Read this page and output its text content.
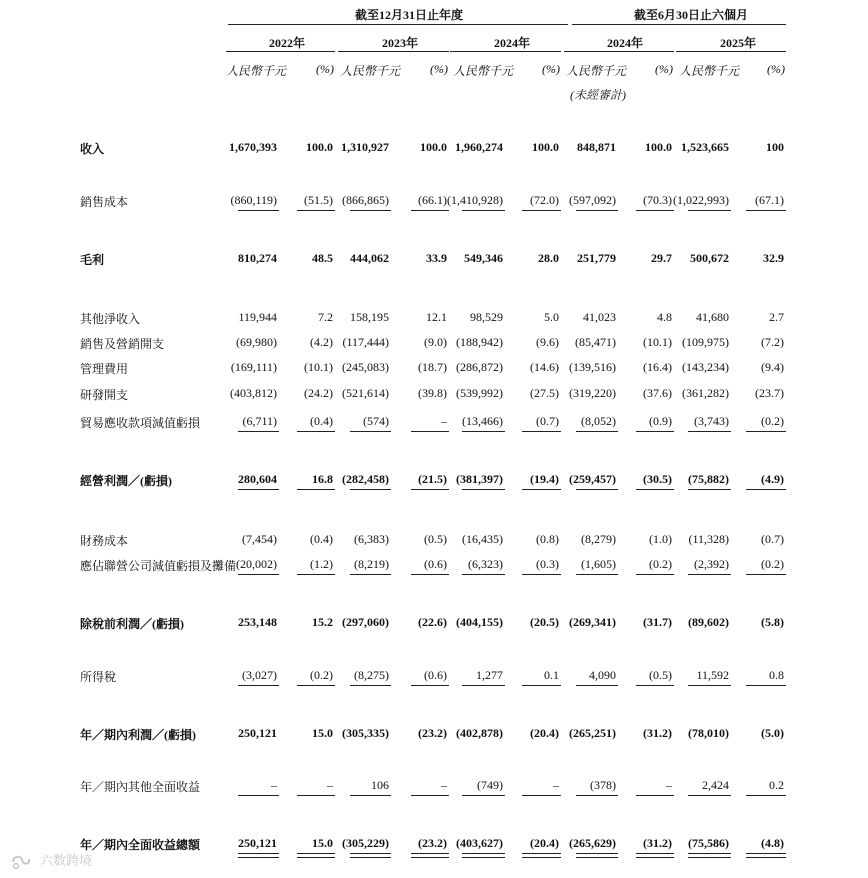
截至12月31日止年度	截至6月30日止六個月
2022年	2023年	2024年	2024年	2025年
人民幣千元 (%) 人民幣千元 (%) 人民幣千元 (%) 人民幣千元 (%) 人民幣千元 (%)
(未經審計)
收入	1,670,393	100.0 1,310,927	100.0 1,960,274	100.0	848,871	100.0 1,523,665	100
銷售成本	(860,119)	(51.5) (866,865)	(66.1) (1,410,928)	(72.0) (597,092)	(70.3) (1,022,993)	(67.1)
毛利	810,274	48.5	444,062	33.9	549,346	28.0	251,779	29.7	500,672	32.9
其他淨收入	119,944	7.2	158,195	12.1	98,529	5.0	41,023	4.8	41,680	2.7
銷售及營銷開支	(69,980)	(4.2) (117,444)	(9.0) (188,942)	(9.6)	(85,471)	(10.1) (109,975)	(7.2)
管理費用	(169,111)	(10.1) (245,083)	(18.7) (286,872)	(14.6) (139,516)	(16.4) (143,234)	(9.4)
研發開支	(403,812)	(24.2) (521,614)	(39.8) (539,992)	(27.5) (319,220)	(37.6) (361,282)	(23.7)
貿易應收款項減值虧損	(6,711)	(0.4)	(574)	–	(13,466)	(0.7)	(8,052)	(0.9)	(3,743)	(0.2)
經營利潤／(虧損)	280,604	16.8 (282,458)	(21.5) (381,397)	(19.4) (259,457)	(30.5)	(75,882)	(4.9)
財務成本	(7,454)	(0.4)	(6,383)	(0.5)	(16,435)	(0.8)	(8,279)	(1.0)	(11,328)	(0.7)
應佔聯營公司減值虧損及攤備 (20,002)	(1.2)	(8,219)	(0.6)	(6,323)	(0.3)	(1,605)	(0.2)	(2,392)	(0.2)
除稅前利潤／(虧損)	253,148	15.2 (297,060)	(22.6) (404,155)	(20.5) (269,341)	(31.7)	(89,602)	(5.8)
所得稅	(3,027)	(0.2)	(8,275)	(0.6)	1,277	0.1	4,090	(0.5)	11,592	0.8
年／期內利潤／(虧損)	250,121	15.0 (305,335)	(23.2) (402,878)	(20.4) (265,251)	(31.2)	(78,010)	(5.0)
年／期內其他全面收益	–	–	106	–	(749)	–	(378)	–	2,424	0.2
年／期內全面收益總額	250,121	15.0 (305,229)	(23.2) (403,627)	(20.4) (265,629)	(31.2)	(75,586)	(4.8)
六数跨境
